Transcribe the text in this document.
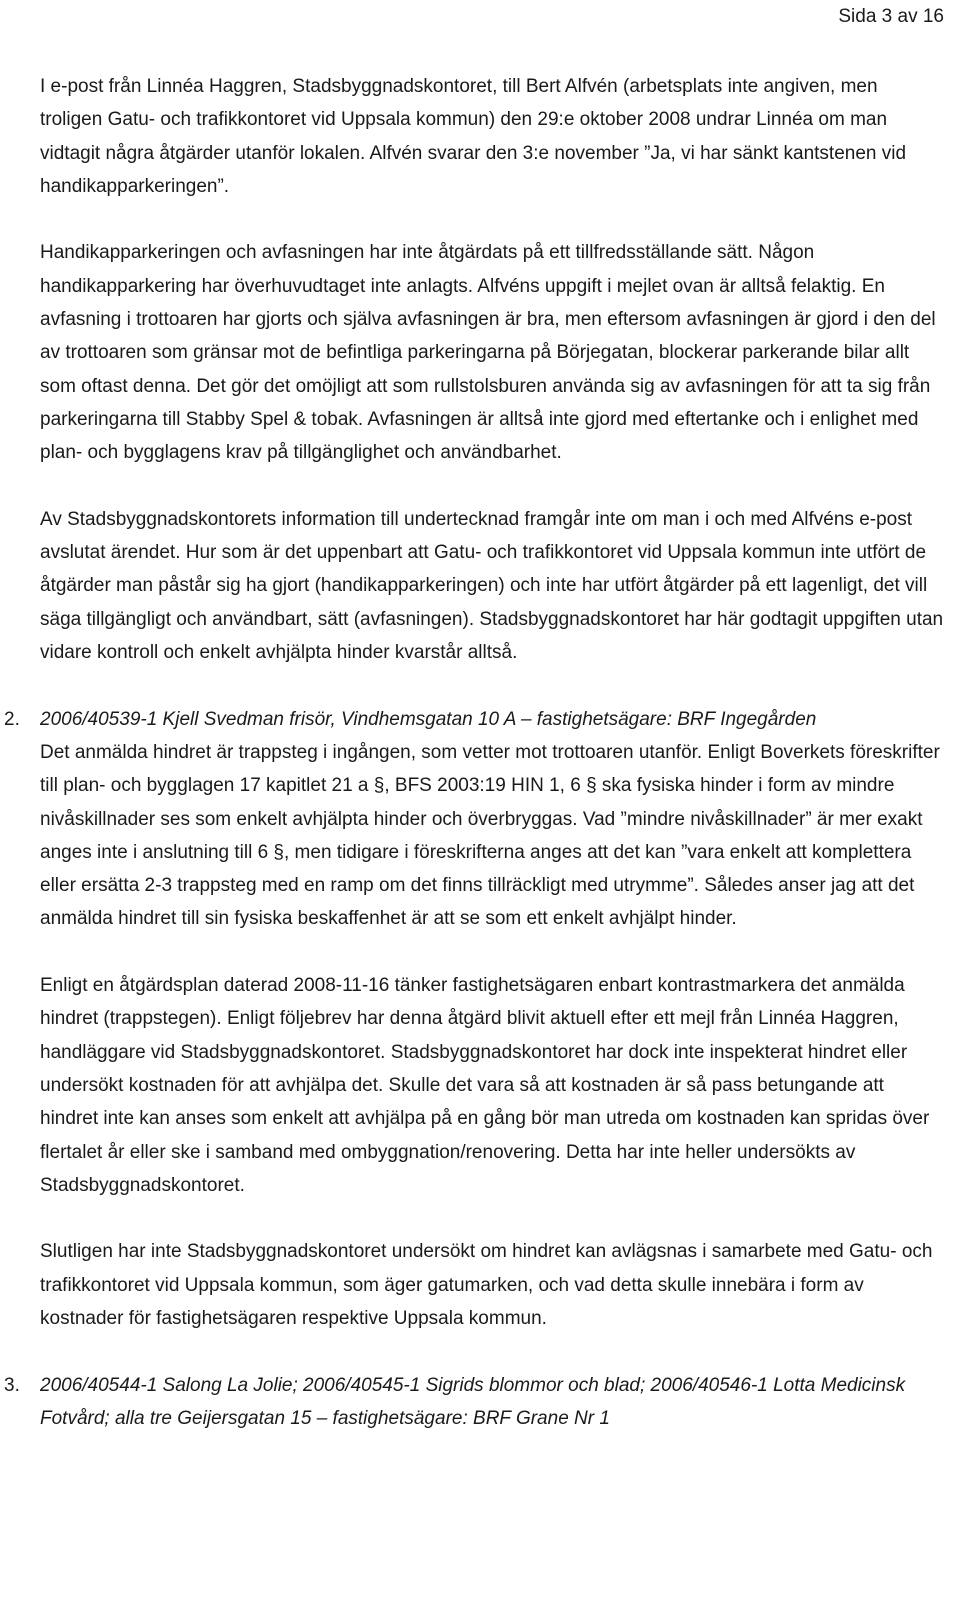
Sida 3 av 16

I e-post från Linnéa Haggren, Stadsbyggnadskontoret, till Bert Alfvén (arbetsplats inte angiven, men troligen Gatu- och trafikkontoret vid Uppsala kommun) den 29:e oktober 2008 undrar Linnéa om man vidtagit några åtgärder utanför lokalen. Alfvén svarar den 3:e november ”Ja, vi har sänkt kantstenen vid handikapparkeringen”.

Handikapparkeringen och avfasningen har inte åtgärdats på ett tillfredsställande sätt. Någon handikapparkering har överhuvudtaget inte anlagts. Alfvéns uppgift i mejlet ovan är alltså felaktig. En avfasning i trottoaren har gjorts och själva avfasningen är bra, men eftersom avfasningen är gjord i den del av trottoaren som gränsar mot de befintliga parkeringarna på Börjegatan, blockerar parkerande bilar allt som oftast denna. Det gör det omöjligt att som rullstolsburen använda sig av avfasningen för att ta sig från parkeringarna till Stabby Spel & tobak. Avfasningen är alltså inte gjord med eftertanke och i enlighet med plan- och bygglagens krav på tillgänglighet och användbarhet.

Av Stadsbyggnadskontorets information till undertecknad framgår inte om man i och med Alfvéns e-post avslutat ärendet. Hur som är det uppenbart att Gatu- och trafikkontoret vid Uppsala kommun inte utfört de åtgärder man påstår sig ha gjort (handikapparkeringen) och inte har utfört åtgärder på ett lagenligt, det vill säga tillgängligt och användbart, sätt (avfasningen). Stadsbyggnadskontoret har här godtagit uppgiften utan vidare kontroll och enkelt avhjälpta hinder kvarstår alltså.

2. 2006/40539-1 Kjell Svedman frisör, Vindhemsgatan 10 A – fastighetsägare: BRF Ingegården

Det anmälda hindret är trappsteg i ingången, som vetter mot trottoaren utanför. Enligt Boverkets föreskrifter till plan- och bygglagen 17 kapitlet 21 a §, BFS 2003:19 HIN 1, 6 § ska fysiska hinder i form av mindre nivåskillnader ses som enkelt avhjälpta hinder och överbryggas. Vad ”mindre nivåskillnader” är mer exakt anges inte i anslutning till 6 §, men tidigare i föreskrifterna anges att det kan ”vara enkelt att komplettera eller ersätta 2-3 trappsteg med en ramp om det finns tillräckligt med utrymme”. Således anser jag att det anmälda hindret till sin fysiska beskaffenhet är att se som ett enkelt avhjälpt hinder.

Enligt en åtgärdsplan daterad 2008-11-16 tänker fastighetsägaren enbart kontrastmarkera det anmälda hindret (trappstegen). Enligt följebrev har denna åtgärd blivit aktuell efter ett mejl från Linnéa Haggren, handläggare vid Stadsbyggnadskontoret. Stadsbyggnadskontoret har dock inte inspekterat hindret eller undersökt kostnaden för att avhjälpa det. Skulle det vara så att kostnaden är så pass betungande att hindret inte kan anses som enkelt att avhjälpa på en gång bör man utreda om kostnaden kan spridas över flertalet år eller ske i samband med ombyggnation/renovering. Detta har inte heller undersökts av Stadsbyggnadskontoret.

Slutligen har inte Stadsbyggnadskontoret undersökt om hindret kan avlägsnas i samarbete med Gatu- och trafikkontoret vid Uppsala kommun, som äger gatumarken, och vad detta skulle innebära i form av kostnader för fastighetsägaren respektive Uppsala kommun.

3. 2006/40544-1 Salong La Jolie; 2006/40545-1 Sigrids blommor och blad; 2006/40546-1 Lotta Medicinsk Fotvård; alla tre Geijersgatan 15 – fastighetsägare: BRF Grane Nr 1
